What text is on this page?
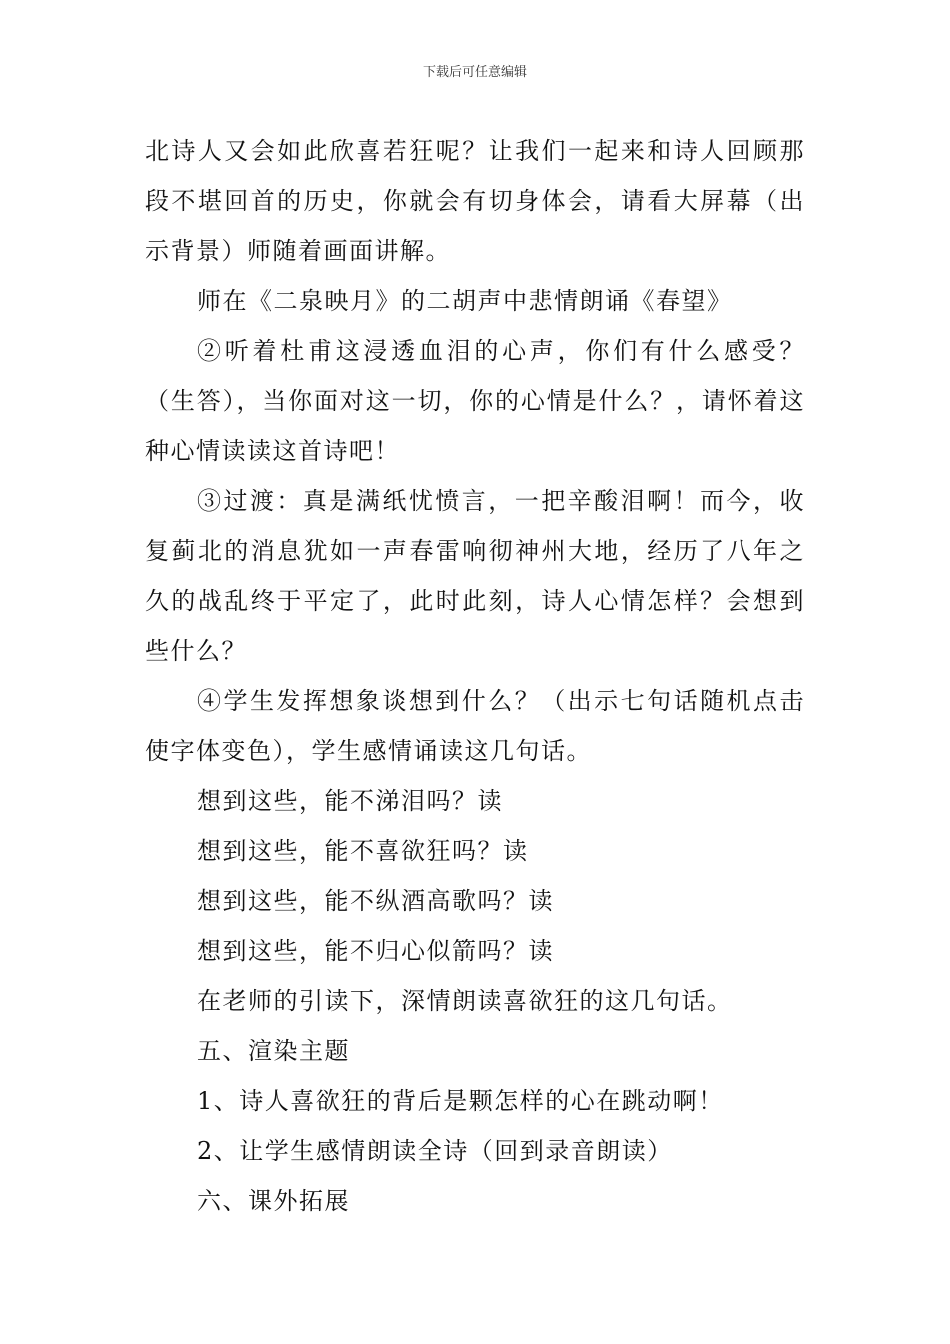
下载后可任意编辑

北诗人又会如此欣喜若狂呢？让我们一起来和诗人回顾那段不堪回首的历史，你就会有切身体会，请看大屏幕（出示背景）师随着画面讲解。

师在《二泉映月》的二胡声中悲情朗诵《春望》

②听着杜甫这浸透血泪的心声，你们有什么感受？（生答），当你面对这一切，你的心情是什么？，请怀着这种心情读读这首诗吧！

③过渡：真是满纸忧愤言，一把辛酸泪啊！而今，收复蓟北的消息犹如一声春雷响彻神州大地，经历了八年之久的战乱终于平定了，此时此刻，诗人心情怎样？会想到些什么？

④学生发挥想象谈想到什么？（出示七句话随机点击使字体变色），学生感情诵读这几句话。

想到这些，能不涕泪吗？读

想到这些，能不喜欲狂吗？读

想到这些，能不纵酒高歌吗？读

想到这些，能不归心似箭吗？读

在老师的引读下，深情朗读喜欲狂的这几句话。

五、渲染主题

1、诗人喜欲狂的背后是颗怎样的心在跳动啊！

2、让学生感情朗读全诗（回到录音朗读）

六、课外拓展
